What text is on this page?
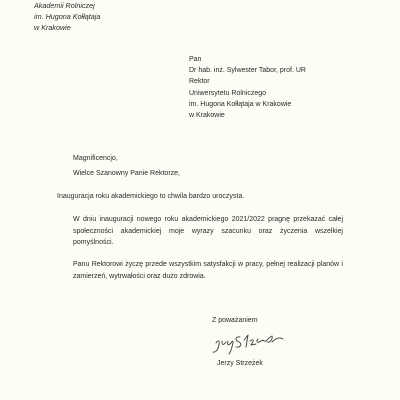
Akademii Rolniczej
im. Hugona Kołłątaja
w Krakowie
Pan
Dr hab. inż. Sylwester Tabor, prof. UR
Rektor
Uniwersytetu Rolniczego
im. Hugona Kołłątaja w Krakowie
w Krakowie
Magnificencjo,
Wielce Szanowny Panie Rektorze,

Inauguracja roku akademickiego to chwila bardzo uroczysta.

W dniu inauguracji nowego roku akademickiego 2021/2022 pragnę przekazać całej społeczności akademickiej moje wyrazy szacunku oraz życzenia wszelkiej pomyślności.

Panu Rektorowi życzę przede wszystkim satysfakcji w pracy, pełnej realizacji planów i zamierzeń, wytrwałości oraz dużo zdrowia.

Z poważaniem
Jerzy Strzeżek
